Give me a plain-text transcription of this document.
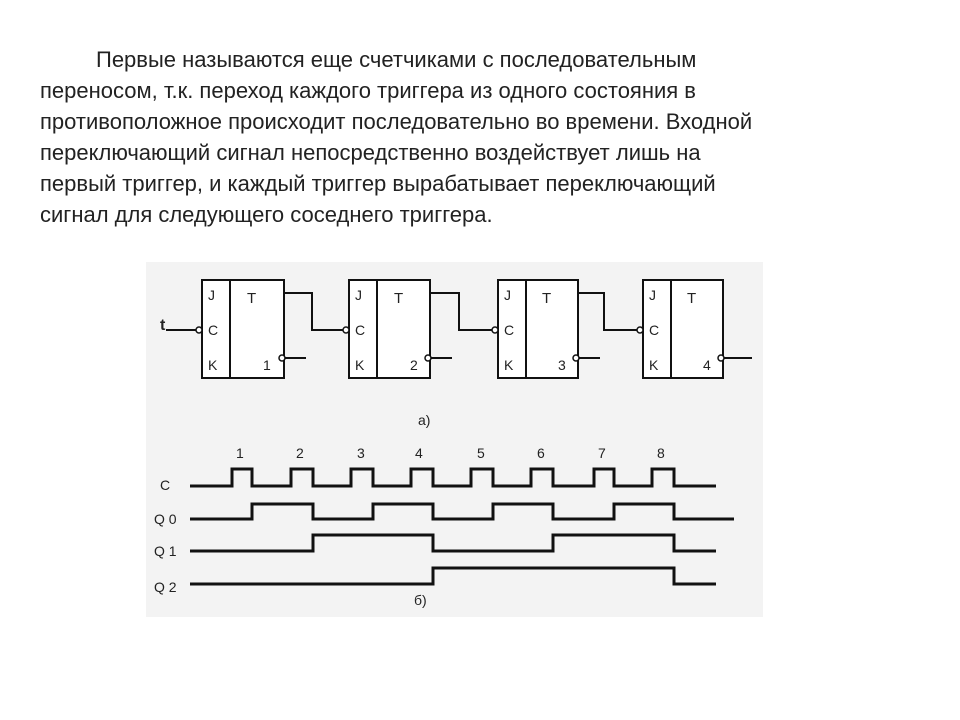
Первые называются еще счетчиками с последовательным
переносом, т.к. переход каждого триггера из одного состояния в
противоположное происходит последовательно во времени. Входной
переключающий сигнал непосредственно воздействует лишь на
первый триггер, и каждый триггер вырабатывает переключающий
сигнал для следующего соседнего триггера.
t
J
C
K
T
1
J
C
K
T
2
J
C
K
T
3
J
C
K
T
4
а)
1	2	3	4	5	6	7	8
C
Q 0
Q 1
Q 2
б)
